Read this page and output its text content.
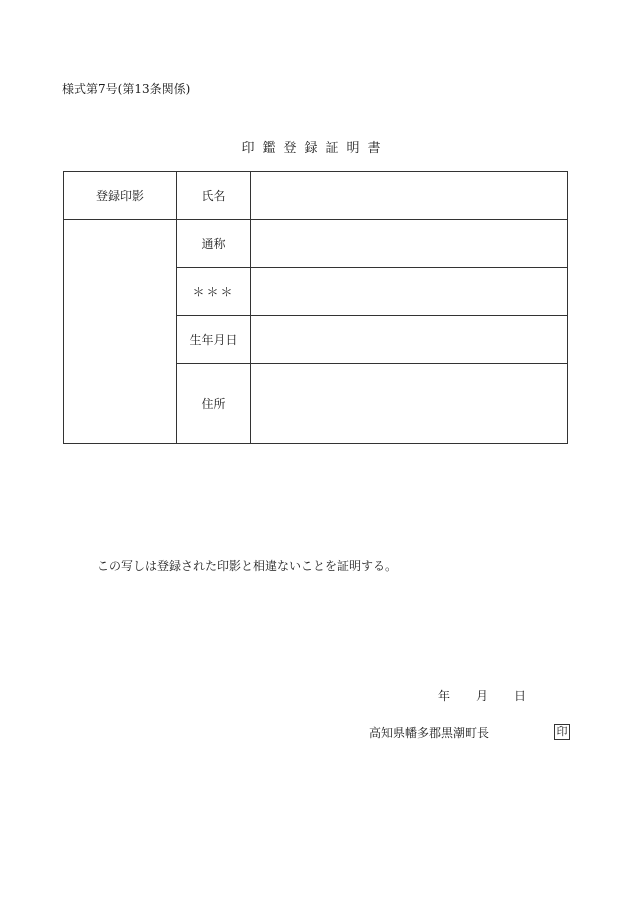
様式第7号(第13条関係)
印鑑登録証明書
登録印影	氏名	
	通称	
	＊＊＊	
	生年月日	
	住所	
この写しは登録された印影と相違ないことを証明する。
年 月 日
高知県幡多郡黒潮町長	印
